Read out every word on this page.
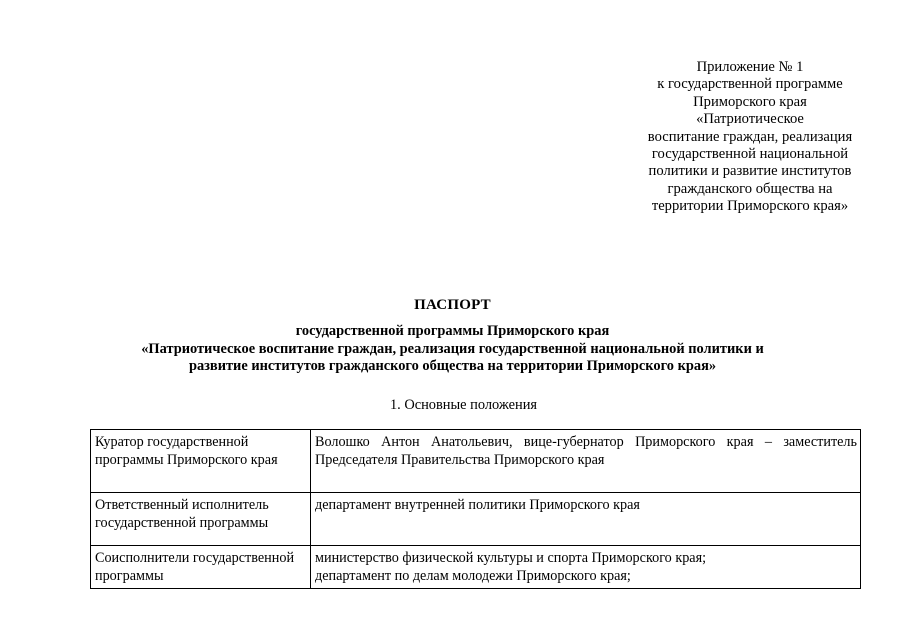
Приложение № 1
к государственной программе
Приморского края
«Патриотическое
воспитание граждан, реализация
государственной национальной
политики и развитие институтов
гражданского общества на
территории Приморского края»
ПАСПОРТ
государственной программы Приморского края
«Патриотическое воспитание граждан, реализация государственной национальной политики и
развитие институтов гражданского общества на территории Приморского края»
1. Основные положения
Куратор государственной
программы Приморского края	Волошко Антон Анатольевич, вице-губернатор Приморского края – заместитель
Председателя Правительства Приморского края

Ответственный исполнитель
государственной программы	департамент внутренней политики Приморского края

Соисполнители государственной
программы	министерство физической культуры и спорта Приморского края;
департамент по делам молодежи Приморского края;
